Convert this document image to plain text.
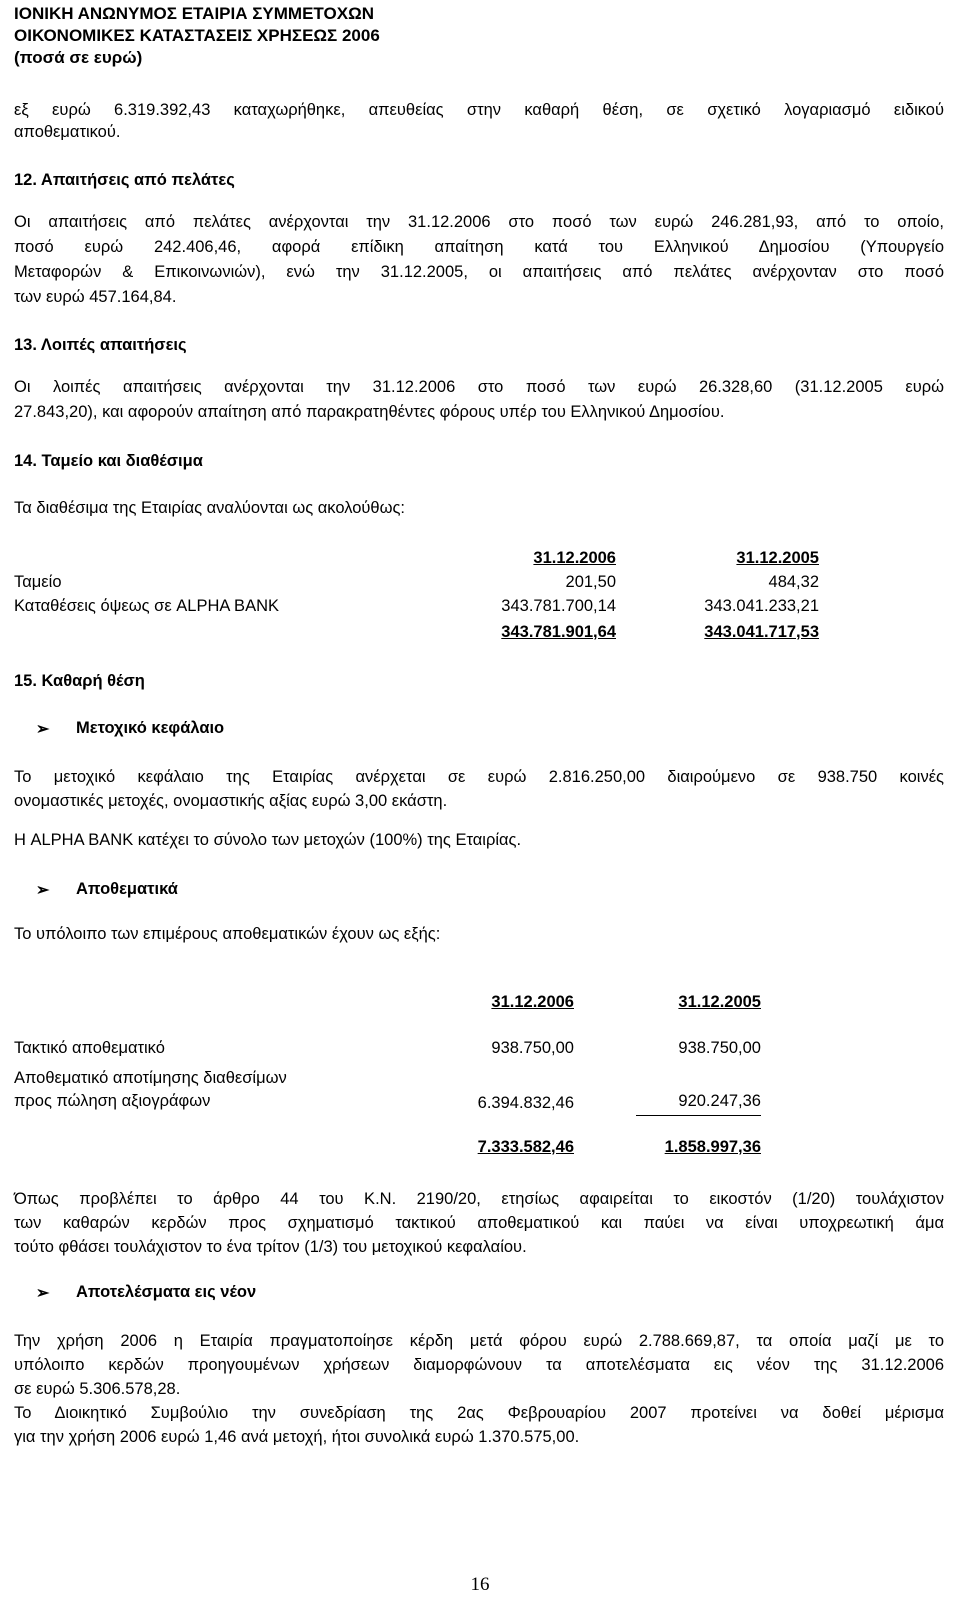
ΙΟΝΙΚΗ ΑΝΩΝΥΜΟΣ ΕΤΑΙΡΙΑ ΣΥΜΜΕΤΟΧΩΝ
ΟΙΚΟΝΟΜΙΚΕΣ ΚΑΤΑΣΤΑΣΕΙΣ ΧΡΗΣΕΩΣ 2006
(ποσά σε ευρώ)
εξ ευρώ 6.319.392,43 καταχωρήθηκε, απευθείας στην καθαρή θέση, σε σχετικό λογαριασμό ειδικού
αποθεματικού.
12. Απαιτήσεις από πελάτες
Οι απαιτήσεις από πελάτες ανέρχονται την 31.12.2006 στο ποσό των ευρώ 246.281,93, από το οποίο,
ποσό ευρώ 242.406,46, αφορά επίδικη απαίτηση κατά του Ελληνικού Δημοσίου (Υπουργείο
Μεταφορών & Επικοινωνιών), ενώ την 31.12.2005, οι απαιτήσεις από πελάτες ανέρχονταν στο ποσό
των ευρώ 457.164,84.
13. Λοιπές απαιτήσεις
Οι λοιπές απαιτήσεις ανέρχονται την 31.12.2006 στο ποσό των ευρώ 26.328,60 (31.12.2005 ευρώ
27.843,20), και αφορούν απαίτηση από παρακρατηθέντες φόρους υπέρ του Ελληνικού Δημοσίου.
14. Ταμείο και διαθέσιμα
Τα διαθέσιμα της Εταιρίας αναλύονται ως ακολούθως:
31.12.2006	31.12.2005
Ταμείο	201,50	484,32
Καταθέσεις όψεως σε ALPHA BANK	343.781.700,14	343.041.233,21
343.781.901,64	343.041.717,53
15. Καθαρή θέση
➢ Μετοχικό κεφάλαιο
Το μετοχικό κεφάλαιο της Εταιρίας ανέρχεται σε ευρώ 2.816.250,00 διαιρούμενο σε 938.750 κοινές
ονομαστικές μετοχές, ονομαστικής αξίας ευρώ 3,00 εκάστη.
Η ALPHA BANK κατέχει το σύνολο των μετοχών (100%) της Εταιρίας.
➢ Αποθεματικά
Το υπόλοιπο των επιμέρους αποθεματικών έχουν ως εξής:
31.12.2006	31.12.2005
Τακτικό αποθεματικό	938.750,00	938.750,00
Αποθεματικό αποτίμησης διαθεσίμων
προς πώληση αξιογράφων	6.394.832,46	920.247,36
7.333.582,46	1.858.997,36
Όπως προβλέπει το άρθρο 44 του Κ.Ν. 2190/20, ετησίως αφαιρείται το εικοστόν (1/20) τουλάχιστον
των καθαρών κερδών προς σχηματισμό τακτικού αποθεματικού και παύει να είναι υποχρεωτική άμα
τούτο φθάσει τουλάχιστον το ένα τρίτον (1/3) του μετοχικού κεφαλαίου.
➢ Αποτελέσματα εις νέον
Την χρήση 2006 η Εταιρία πραγματοποίησε κέρδη μετά φόρου ευρώ 2.788.669,87, τα οποία μαζί με το
υπόλοιπο κερδών προηγουμένων χρήσεων διαμορφώνουν τα αποτελέσματα εις νέον της 31.12.2006
σε ευρώ 5.306.578,28.
Το Διοικητικό Συμβούλιο την συνεδρίαση της 2ας Φεβρουαρίου 2007 προτείνει να δοθεί μέρισμα
για την χρήση 2006 ευρώ 1,46 ανά μετοχή, ήτοι συνολικά ευρώ 1.370.575,00.
16
